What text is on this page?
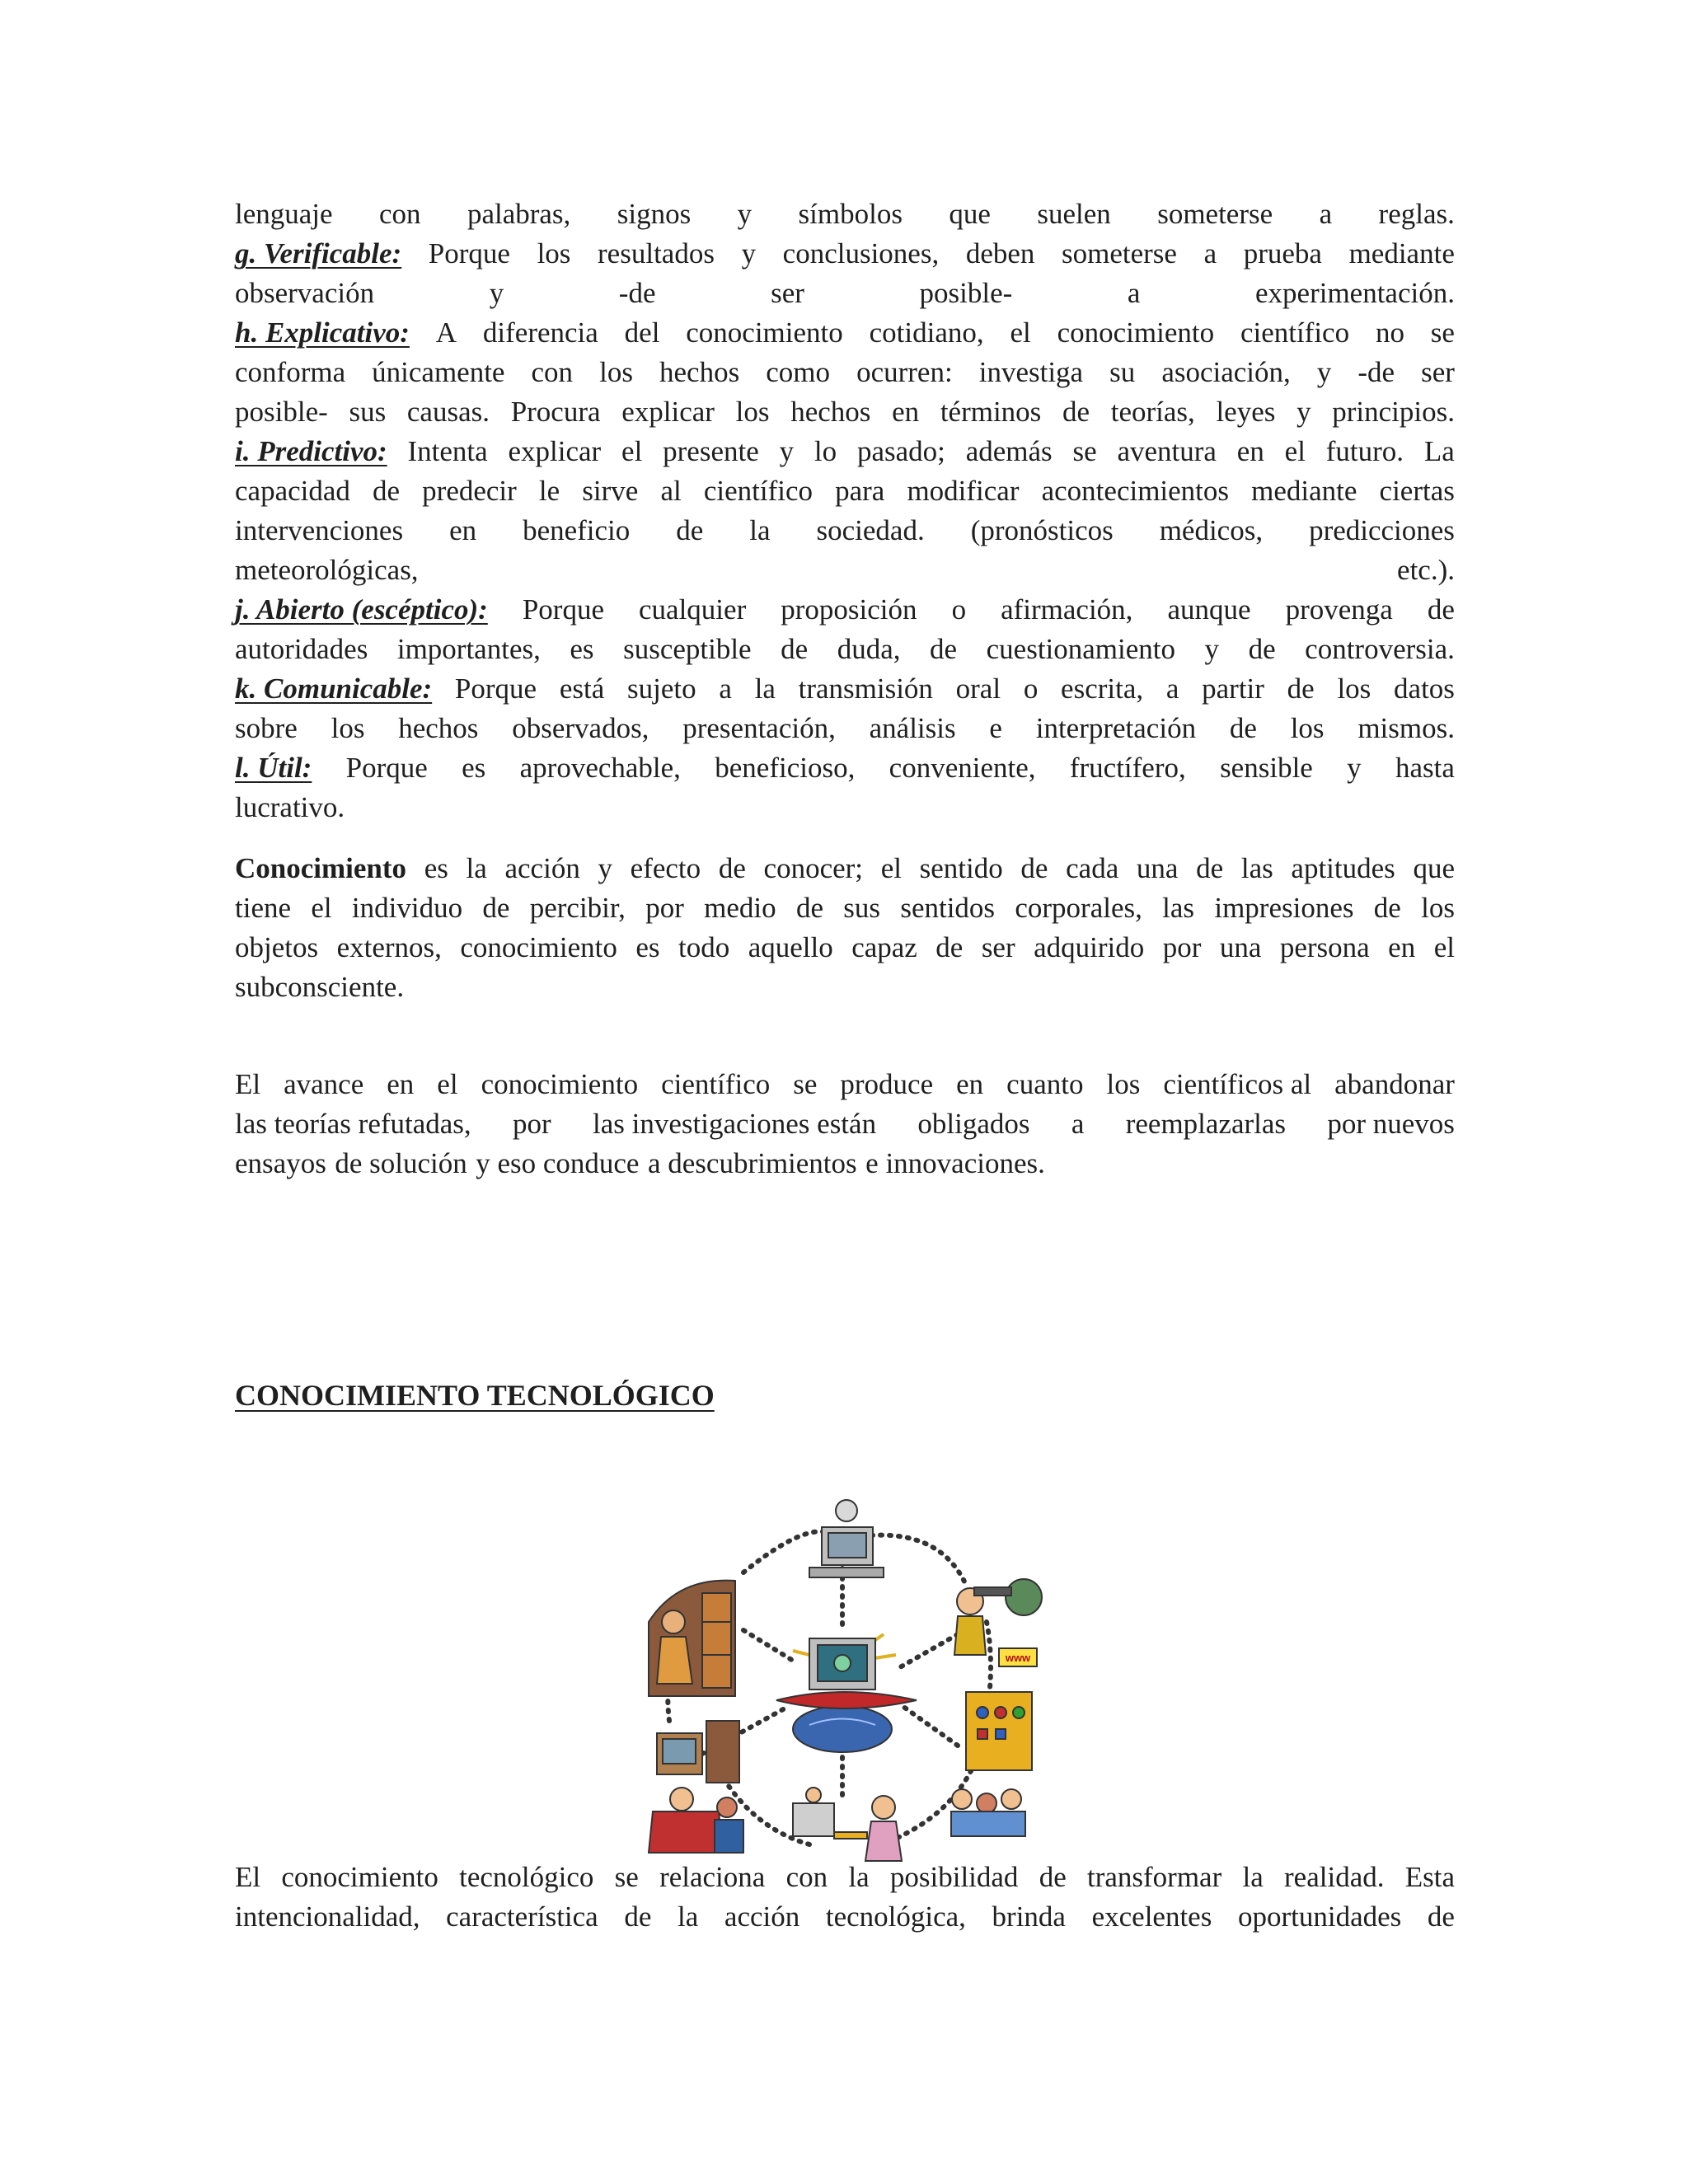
lenguaje con palabras, signos y símbolos que suelen someterse a reglas.
g. Verificable: Porque los resultados y conclusiones, deben someterse a prueba mediante
observación	y	-de	ser	posible-	a	experimentación.
h. Explicativo: A diferencia del conocimiento cotidiano, el conocimiento científico no se
conforma únicamente con los hechos como ocurren: investiga su asociación, y -de ser
posible- sus causas. Procura explicar los hechos en términos de teorías, leyes y principios.
i. Predictivo: Intenta explicar el presente y lo pasado; además se aventura en el futuro. La
capacidad de predecir le sirve al científico para modificar acontecimientos mediante ciertas
intervenciones en beneficio de la sociedad. (pronósticos médicos, predicciones
meteorológicas,	etc.).
j. Abierto (escéptico): Porque cualquier proposición o afirmación, aunque provenga de
autoridades importantes, es susceptible de duda, de cuestionamiento y de controversia.
k. Comunicable: Porque está sujeto a la transmisión oral o escrita, a partir de los datos
sobre los hechos observados, presentación, análisis e interpretación de los mismos.
l. Útil: Porque es aprovechable, beneficioso, conveniente, fructífero, sensible y hasta
lucrativo.
Conocimiento es la acción y efecto de conocer; el sentido de cada una de las aptitudes que
tiene el individuo de percibir, por medio de sus sentidos corporales, las impresiones de los
objetos externos, conocimiento es todo aquello capaz de ser adquirido por una persona en el
subconsciente.
El avance en el conocimiento científico se produce en cuanto los científicos al abandonar
las teorías refutadas, por las investigaciones están obligados a reemplazarlas por nuevos
ensayos de solución y eso conduce a descubrimientos e innovaciones.
CONOCIMIENTO TECNOLÓGICO
www
El conocimiento tecnológico se relaciona con la posibilidad de transformar la realidad. Esta
intencionalidad, característica de la acción tecnológica, brinda excelentes oportunidades de
